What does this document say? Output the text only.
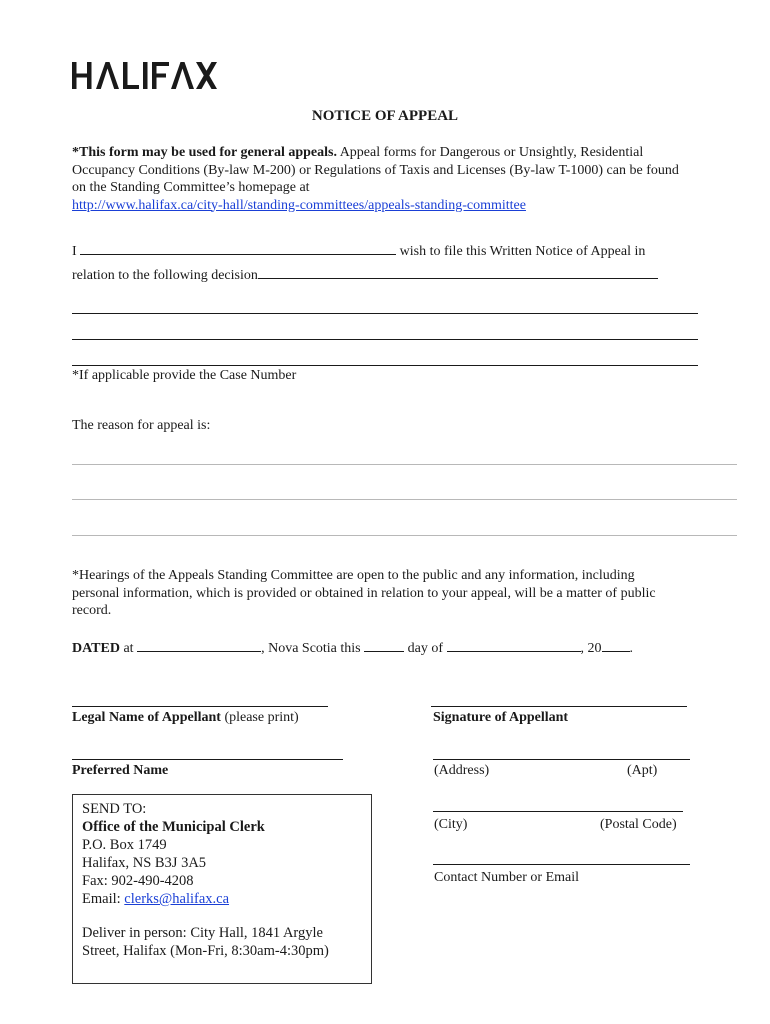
NOTICE OF APPEAL
*This form may be used for general appeals. Appeal forms for Dangerous or Unsightly, Residential
Occupancy Conditions (By-law M-200) or Regulations of Taxis and Licenses (By-law T-1000) can be found
on the Standing Committee’s homepage at
http://www.halifax.ca/city-hall/standing-committees/appeals-standing-committee
I	wish to file this Written Notice of Appeal in
relation to the following decision
*If applicable provide the Case Number
The reason for appeal is:
*Hearings of the Appeals Standing Committee are open to the public and any information, including
personal information, which is provided or obtained in relation to your appeal, will be a matter of public
record.
DATED at	, Nova Scotia this	day of	, 20 .
Legal Name of Appellant (please print)	Signature of Appellant
Preferred Name	(Address)	(Apt)
(City)	(Postal Code)
Contact Number or Email
SEND TO:
Office of the Municipal Clerk
P.O. Box 1749
Halifax, NS B3J 3A5
Fax: 902-490-4208
Email: clerks@halifax.ca
Deliver in person: City Hall, 1841 Argyle
Street, Halifax (Mon-Fri, 8:30am-4:30pm)
